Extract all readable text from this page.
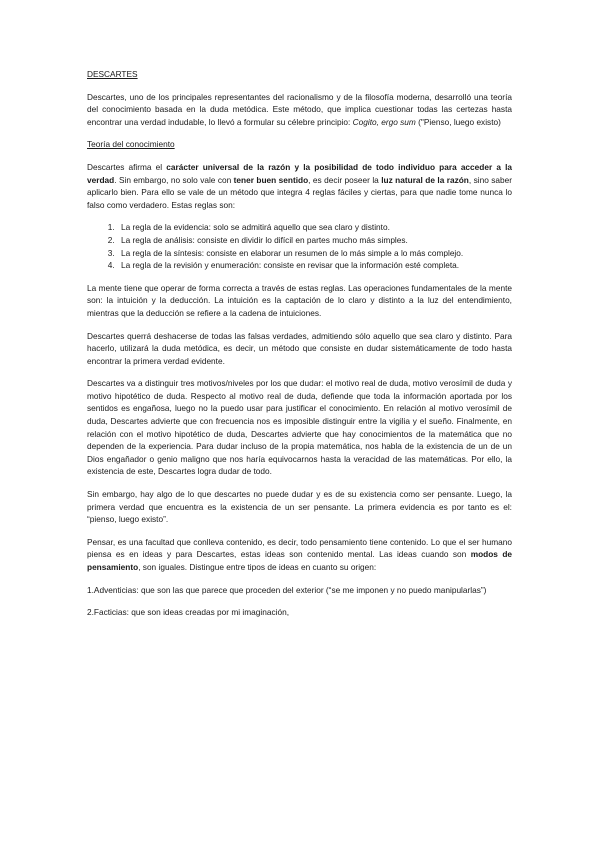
DESCARTES

Descartes, uno de los principales representantes del racionalismo y de la filosofía moderna, desarrolló una teoría del conocimiento basada en la duda metódica. Este método, que implica cuestionar todas las certezas hasta encontrar una verdad indudable, lo llevó a formular su célebre principio: Cogito, ergo sum ("Pienso, luego existo)

Teoría del conocimiento

Descartes afirma el carácter universal de la razón y la posibilidad de todo individuo para acceder a la verdad. Sin embargo, no solo vale con tener buen sentido, es decir poseer la luz natural de la razón, sino saber aplicarlo bien. Para ello se vale de un método que integra 4 reglas fáciles y ciertas, para que nadie tome nunca lo falso como verdadero. Estas reglas son:

1. La regla de la evidencia: solo se admitirá aquello que sea claro y distinto.
2. La regla de análisis: consiste en dividir lo difícil en partes mucho más simples.
3. La regla de la síntesis: consiste en elaborar un resumen de lo más simple a lo más complejo.
4. La regla de la revisión y enumeración: consiste en revisar que la información esté completa.

La mente tiene que operar de forma correcta a través de estas reglas. Las operaciones fundamentales de la mente son: la intuición y la deducción. La intuición es la captación de lo claro y distinto a la luz del entendimiento, mientras que la deducción se refiere a la cadena de intuiciones.

Descartes querrá deshacerse de todas las falsas verdades, admitiendo sólo aquello que sea claro y distinto. Para hacerlo, utilizará la duda metódica, es decir, un método que consiste en dudar sistemáticamente de todo hasta encontrar la primera verdad evidente.

Descartes va a distinguir tres motivos/niveles por los que dudar: el motivo real de duda, motivo verosímil de duda y motivo hipotético de duda. Respecto al motivo real de duda, defiende que toda la información aportada por los sentidos es engañosa, luego no la puedo usar para justificar el conocimiento. En relación al motivo verosímil de duda, Descartes advierte que con frecuencia nos es imposible distinguir entre la vigilia y el sueño. Finalmente, en relación con el motivo hipotético de duda, Descartes advierte que hay conocimientos de la matemática que no dependen de la experiencia. Para dudar incluso de la propia matemática, nos habla de la existencia de un de un Dios engañador o genio maligno que nos haría equivocarnos hasta la veracidad de las matemáticas. Por ello, la existencia de este, Descartes logra dudar de todo.

Sin embargo, hay algo de lo que descartes no puede dudar y es de su existencia como ser pensante. Luego, la primera verdad que encuentra es la existencia de un ser pensante. La primera evidencia es por tanto es el: “pienso, luego existo”.

Pensar, es una facultad que conlleva contenido, es decir, todo pensamiento tiene contenido. Lo que el ser humano piensa es en ideas y para Descartes, estas ideas son contenido mental. Las ideas cuando son modos de pensamiento, son iguales. Distingue entre tipos de ideas en cuanto su origen:

1.Adventicias: que son las que parece que proceden del exterior (“se me imponen y no puedo manipularlas”)
2.Facticias: que son ideas creadas por mi imaginación,
